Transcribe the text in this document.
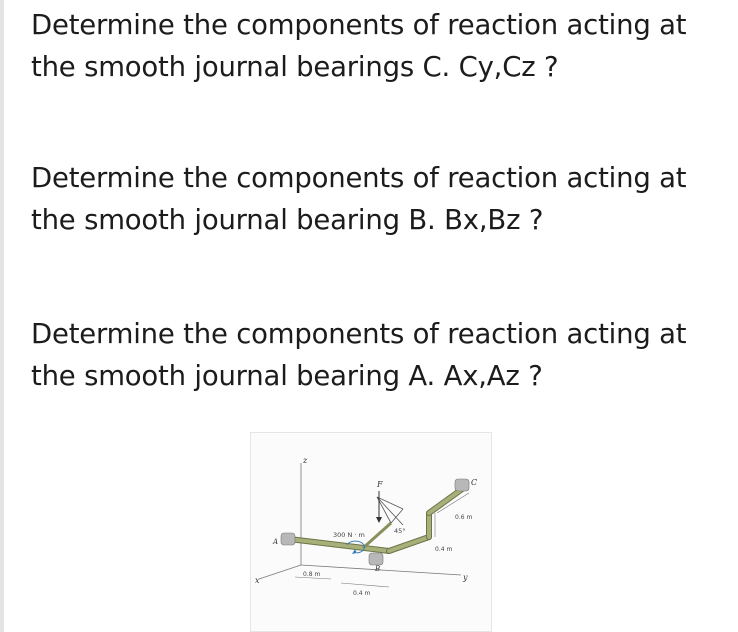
Determine the components of reaction acting at
the smooth journal bearings C. Cy,Cz ?

Determine the components of reaction acting at
the smooth journal bearing B. Bx,Bz ?

Determine the components of reaction acting at
the smooth journal bearing A. Ax,Az ?

z
x	y
F
45°
A
B
C
300 N · m
0.8 m
0.4 m
0.4 m
0.6 m
